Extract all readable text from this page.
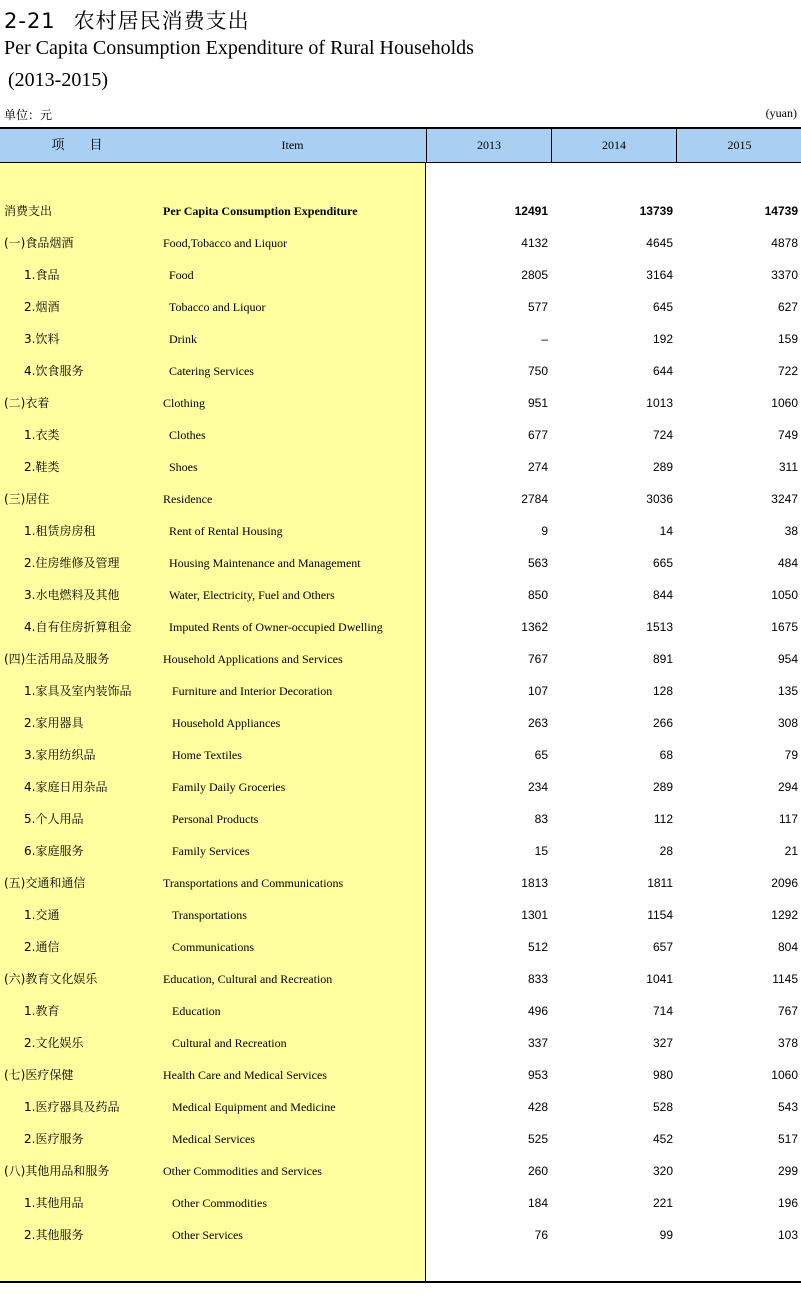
2-21 农村居民消费支出
Per Capita Consumption Expenditure of Rural Households
(2013-2015)
单位：元	(yuan)
项　目	Item	2013	2014	2015
消费支出	Per Capita Consumption Expenditure	12491	13739	14739
(一)食品烟酒	Food,Tobacco and Liquor	4132	4645	4878
1.食品	Food	2805	3164	3370
2.烟酒	Tobacco and Liquor	577	645	627
3.饮料	Drink	–	192	159
4.饮食服务	Catering Services	750	644	722
(二)衣着	Clothing	951	1013	1060
1.衣类	Clothes	677	724	749
2.鞋类	Shoes	274	289	311
(三)居住	Residence	2784	3036	3247
1.租赁房房租	Rent of Rental Housing	9	14	38
2.住房维修及管理	Housing Maintenance and Management	563	665	484
3.水电燃料及其他	Water, Electricity, Fuel and Others	850	844	1050
4.自有住房折算租金	Imputed Rents of Owner-occupied Dwelling	1362	1513	1675
(四)生活用品及服务	Household Applications and Services	767	891	954
1.家具及室内装饰品	Furniture and Interior Decoration	107	128	135
2.家用器具	Household Appliances	263	266	308
3.家用纺织品	Home Textiles	65	68	79
4.家庭日用杂品	Family Daily Groceries	234	289	294
5.个人用品	Personal Products	83	112	117
6.家庭服务	Family Services	15	28	21
(五)交通和通信	Transportations and Communications	1813	1811	2096
1.交通	Transportations	1301	1154	1292
2.通信	Communications	512	657	804
(六)教育文化娱乐	Education, Cultural and Recreation	833	1041	1145
1.教育	Education	496	714	767
2.文化娱乐	Cultural and Recreation	337	327	378
(七)医疗保健	Health Care and Medical Services	953	980	1060
1.医疗器具及药品	Medical Equipment and Medicine	428	528	543
2.医疗服务	Medical Services	525	452	517
(八)其他用品和服务	Other Commodities and Services	260	320	299
1.其他用品	Other Commodities	184	221	196
2.其他服务	Other Services	76	99	103
